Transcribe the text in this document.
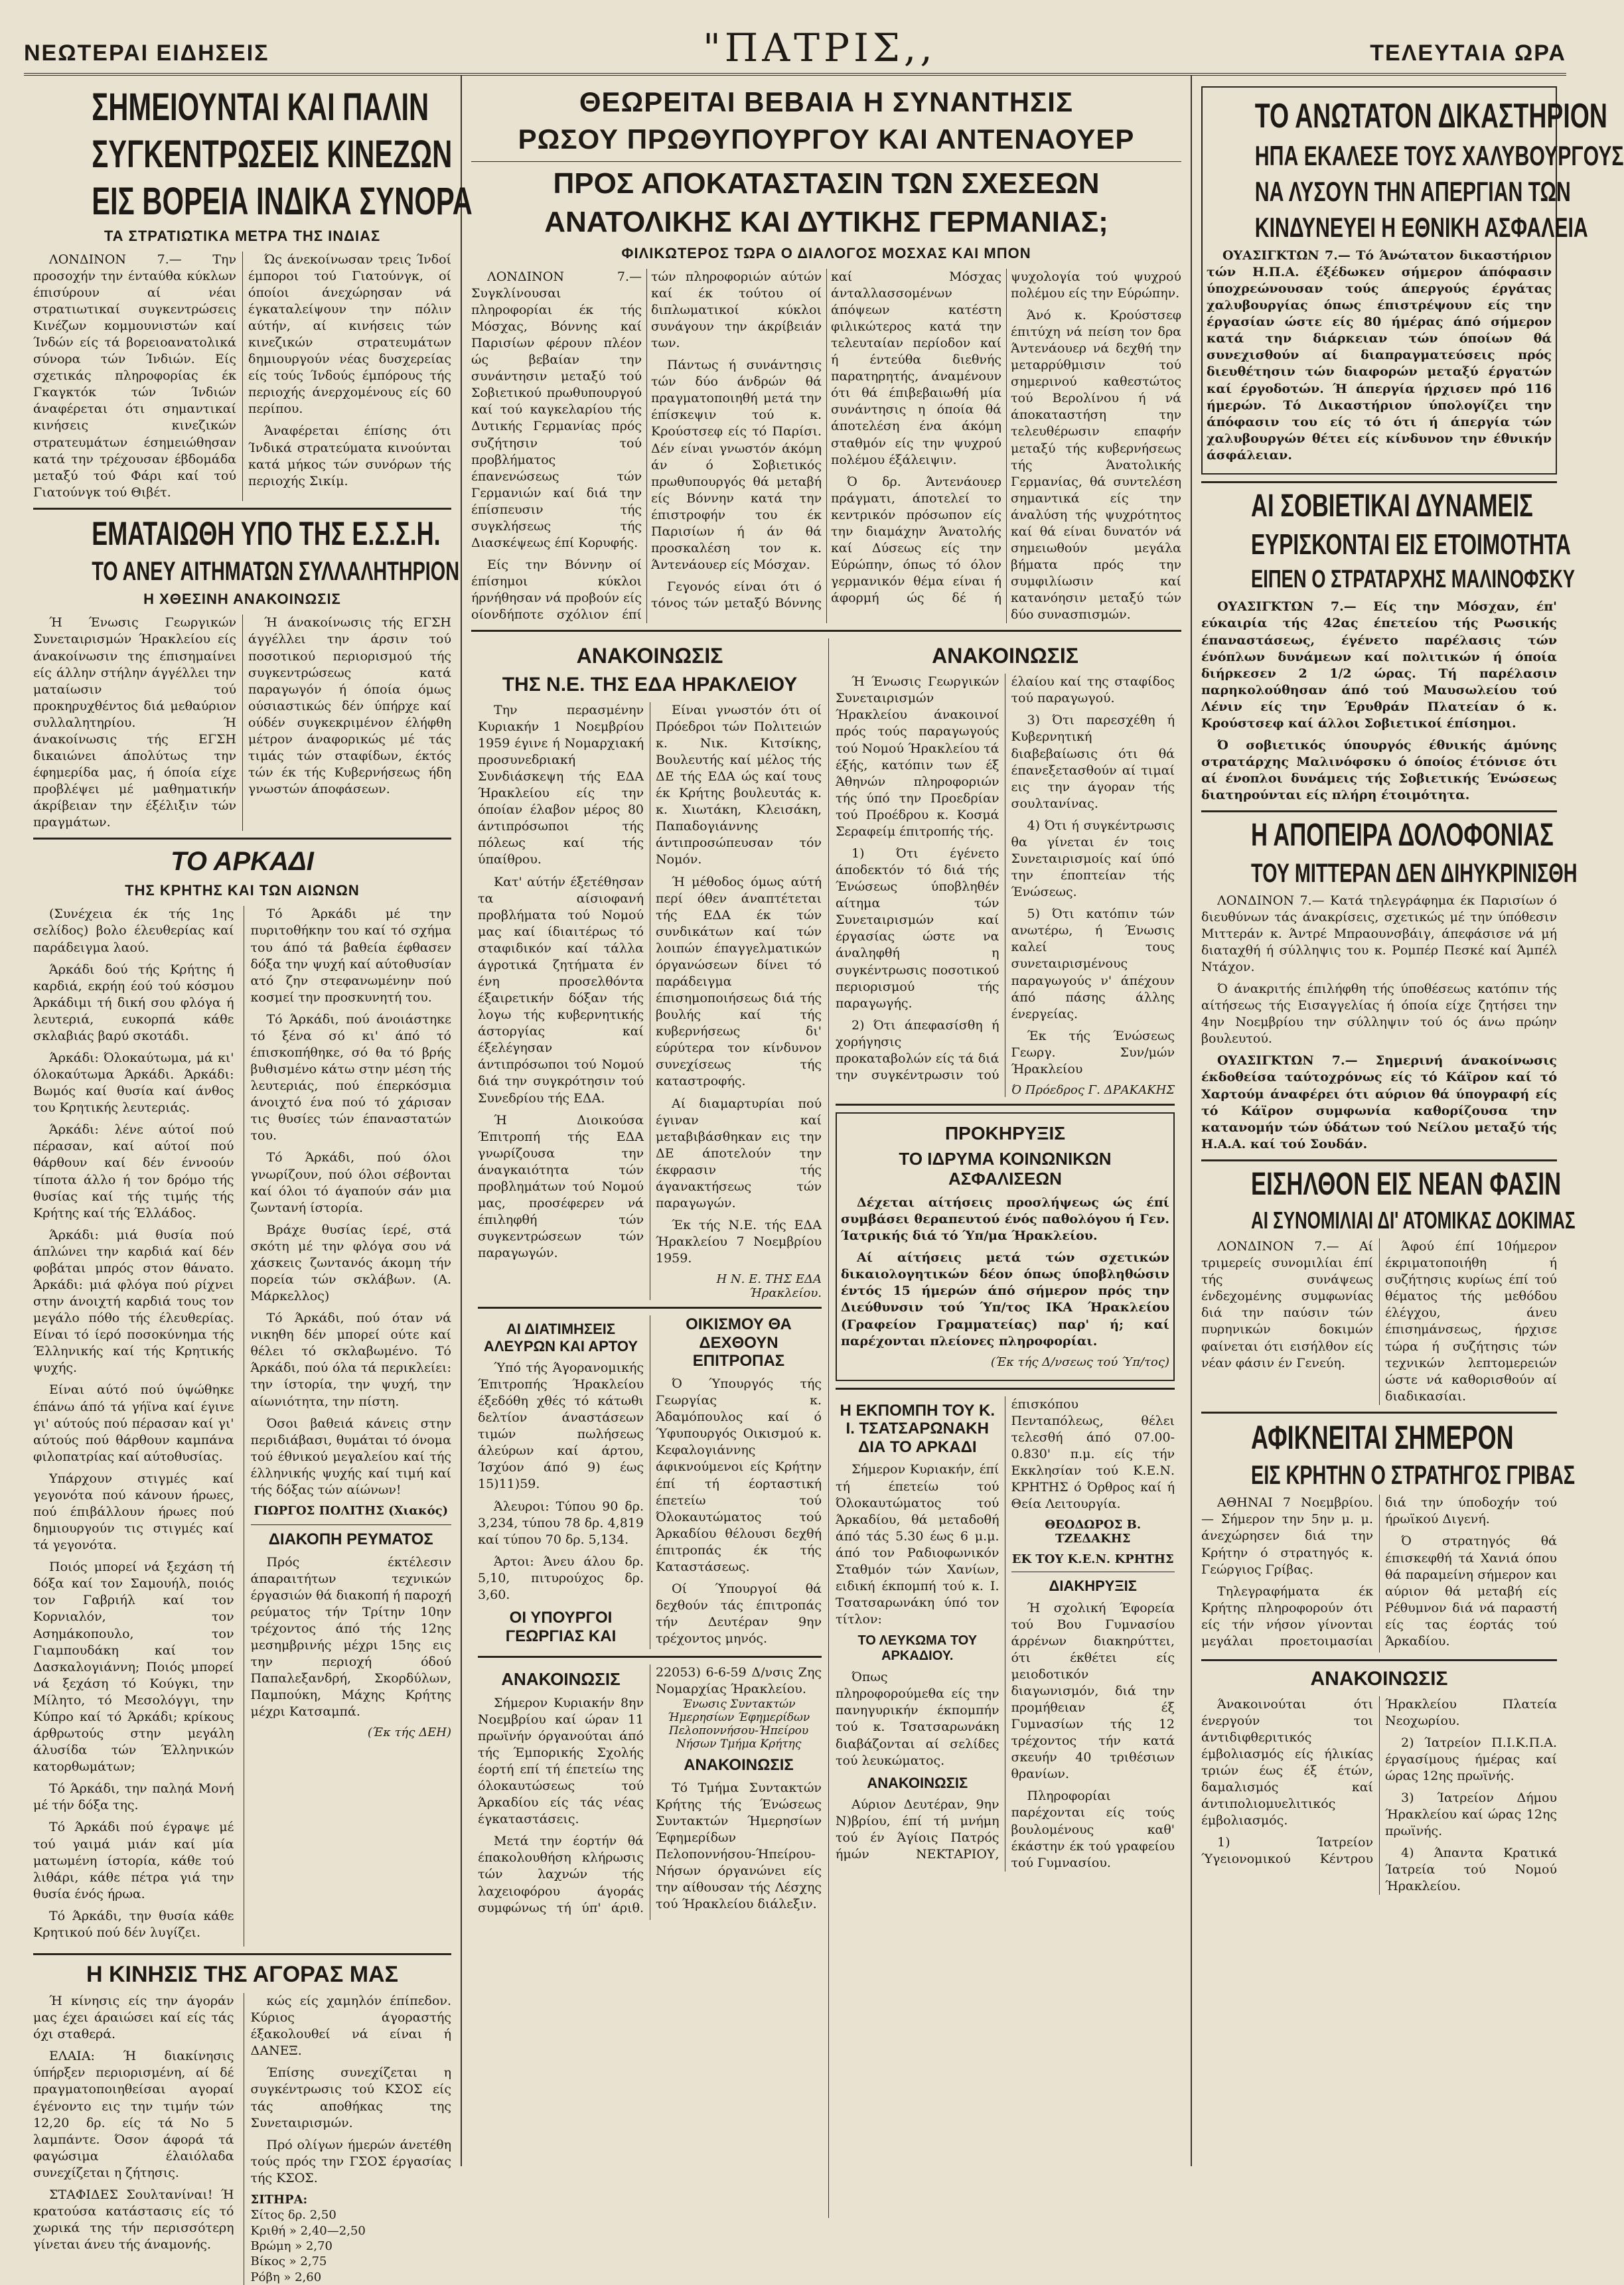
ΝΕΩΤΕΡΑΙ ΕΙΔΗΣΕΙΣ	"ΠΑΤΡΙΣ,,	ΤΕΛΕΥΤΑΙΑ ΩΡΑ
ΣΗΜΕΙΟΥΝΤΑΙ ΚΑΙ ΠΑΛΙΝ
ΣΥΓΚΕΝΤΡΩΣΕΙΣ ΚΙΝΕΖΩΝ
ΕΙΣ ΒΟΡΕΙΑ ΙΝΔΙΚΑ ΣΥΝΟΡΑ
ΤΑ ΣΤΡΑΤΙΩΤΙΚΑ ΜΕΤΡΑ ΤΗΣ ΙΝΔΙΑΣ

ΛΟΝΔΙΝΟΝ 7.— Την προσοχήν την ένταύθα κύκλων έπισύρουν αί νέαι στρατιωτικαί συγκεντρώσεις Κινέζων κομμουνιστών καί Ίνδών είς τά βορειοανατολικά σύνορα τών Ίνδιών. Είς σχετικάς πληροφορίας έκ Γκαγκτόκ τών Ίνδιών άναφέρεται ότι σημαντικαί κινήσεις κινεζικών στρατευμάτων έσημειώθησαν κατά την τρέχουσαν έβδομάδα μεταξύ τού Φάρι καί τού Γιατούνγκ τού Θιβέτ.

Ώς άνεκοίνωσαν τρεις Ίνδοί έμποροι τού Γιατούνγκ, οί όποίοι άνεχώρησαν νά έγκαταλείψουν την πόλιν αύτήν, αί κινήσεις τών κινεζικών στρατευμάτων δημιουργούν νέας δυσχερείας είς τούς Ίνδούς έμπόρους τής περιοχής άνερχομένους είς 60 περίπου.

Άναφέρεται έπίσης ότι Ίνδικά στρατεύματα κινούνται κατά μήκος τών συνόρων τής περιοχής Σικίμ.

ΕΜΑΤΑΙΩΘΗ ΥΠΟ ΤΗΣ Ε.Σ.Σ.Η.
ΤΟ ΑΝΕΥ ΑΙΤΗΜΑΤΩΝ ΣΥΛΛΑΛΗΤΗΡΙΟΝ
Η ΧΘΕΣΙΝΗ ΑΝΑΚΟΙΝΩΣΙΣ

Ή Ένωσις Γεωργικών Συνεταιρισμών Ήρακλείου είς άνακοίνωσιν της έπισημαίνει είς άλλην στήλην άγγέλλει την ματαίωσιν τού προκηρυχθέντος διά μεθαύριον συλλαλητηρίου. Ή άνακοίνωσις τής ΕΓΣΗ δικαιώνει άπολύτως την έφημερίδα μας, ή όποία είχε προβλέψει μέ μαθηματικήν άκρίβειαν την έξέλιξιν τών πραγμάτων.

Ή άνακοίνωσις τής ΕΓΣΗ άγγέλλει την άρσιν τού ποσοτικού περιορισμού τής συγκεντρώσεως κατά παραγωγόν ή όποία όμως ούσιαστικώς δέν ύπήρχε καί ούδέν συγκεκριμένον έλήφθη μέτρον άναφορικώς μέ τάς τιμάς τών σταφίδων, έκτός τών έκ τής Κυβερνήσεως ήδη γνωστών άποφάσεων.

ΤΟ ΑΡΚΑΔΙ
ΤΗΣ ΚΡΗΤΗΣ ΚΑΙ ΤΩΝ ΑΙΩΝΩΝ

(Συνέχεια έκ τής 1ης σελίδος) βολο έλευθερίας καί παράδειγμα λαού.

Άρκάδι δού τής Κρήτης ή καρδιά, εκρήη έού τού κόσμου Άρκάδιμι τή δική σου φλόγα ή λευτεριά, ευκορπά κάθε σκλαβιάς βαρύ σκοτάδι.

Άρκάδι: Όλοκαύτωμα, μά κι' όλοκαύτωμα Άρκάδι. Άρκάδι: Βωμός καί θυσία καί άνθος του Κρητικής λευτεριάς.

Άρκάδι: λένε αύτοί πού πέρασαν, καί αύτοί πού θάρθουν καί δέν έννοούν τίποτα άλλο ή τον δρόμο τής θυσίας καί τής τιμής τής Κρήτης καί τής Έλλάδος.

Άρκάδι: μιά θυσία πού άπλώνει την καρδιά καί δέν φοβάται μπρός στον θάνατο. Άρκάδι: μιά φλόγα πού ρίχνει στην άνοιχτή καρδιά τους τον μεγάλο πόθο τής έλευθερίας. Είναι τό ίερό ποσοκύνημα τής Έλληνικής καί τής Κρητικής ψυχής.

Είναι αύτό πού ύψώθηκε έπάνω άπό τά γήϊνα καί έγινε γι' αύτούς πού πέρασαν καί γι' αύτούς πού θάρθουν καμπάνα φιλοπατρίας καί αύτοθυσίας.

Υπάρχουν στιγμές καί γεγονότα πού κάνουν ήρωες, πού έπιβάλλουν ήρωες πού δημιουργούν τις στιγμές καί τά γεγονότα.

Ποιός μπορεί νά ξεχάση τή δόξα καί τον Σαμουήλ, ποιός τον Γαβριήλ καί τον Κορνιαλόν, τον Ασημάκοπουλο, τον Γιαμπουδάκη καί τον Δασκαλογιάννη; Ποιός μπορεί νά ξεχάση τό Κούγκι, την Μίλητο, τό Μεσολόγγι, την Κύπρο καί τό Άρκάδι; κρίκους άρθρωτούς στην μεγάλη άλυσίδα τών Έλληνικών κατορθωμάτων;

Τό Άρκάδι, την παληά Μονή μέ τήν δόξα της.

Τό Άρκάδι πού έγραψε μέ τού γαιμά μιάν καί μία ματωμένη ίστορία, κάθε τού λιθάρι, κάθε πέτρα γιά την θυσία ένός ήρωα.

Τό Άρκάδι, την θυσία κάθε Κρητικού πού δέν λυγίζει.

Τό Άρκάδι μέ την πυριτοθήκην του καί τό σχήμα του άπό τά βαθεία έφθασεν δόξα την ψυχή καί αύτοθυσίαν ατό ζην στεφανωμένην πού κοσμεί την προσκυνητή του.

Τό Άρκάδι, πού άνοιάστηκε τό ξένα σό κι' άπό τό έπισκοπήθηκε, σό θα τό βρής βυθισμένο κάτω στην μέση τής λευτεριάς, πού έπερκόσμια άνοιχτό ένα πού τό χάρισαν τις θυσίες τών έπαναστατών του.

Τό Άρκάδι, πού όλοι γνωρίζουν, πού όλοι σέβονται καί όλοι τό άγαπούν σάν μια ζωντανή ίστορία.

Βράχε θυσίας ίερέ, στά σκότη μέ την φλόγα σου νά χάσκεις ζωντανός άκομη τήν πορεία τών σκλάβων. (Α. Μάρκελλος)

Τό Άρκάδι, πού όταν νά νικηθη δέν μπορεί ούτε καί θέλει τό σκλαβωμένο. Τό Άρκάδι, πού όλα τά περικλείει: την ίστορία, την ψυχή, την αίωνιότητα, την πίστη.

Όσοι βαθειά κάνεις στην περιδιάβασι, θυμάται τό όνομα τού έθνικού μεγαλείου καί τής έλληνικής ψυχής καί τιμή καί τής δόξας τών αίώνων!

ΓΙΩΡΓΟΣ ΠΟΛΙΤΗΣ (Χιακός)
ΔΙΑΚΟΠΗ ΡΕΥΜΑΤΟΣ

Πρός έκτέλεσιν άπαραιτήτων τεχνικών έργασιών θά διακοπή ή παροχή ρεύματος τήν Τρίτην 10ην τρέχοντος άπό τής 12ης μεσημβρινής μέχρι 15ης εις την περιοχή όδού Παπαλεξανδρή, Σκορδύλων, Παμπούκη, Μάχης Κρήτης μέχρι Κατσαμπά.

(Έκ τής ΔΕΗ)
Η ΚΙΝΗΣΙΣ ΤΗΣ ΑΓΟΡΑΣ ΜΑΣ

Ή κίνησις είς την άγοράν μας έχει άραιώσει καί είς τάς όχι σταθερά.

ΕΛΑΙΑ: Ή διακίνησις ύπήρξεν περιορισμένη, αί δέ πραγματοποιηθείσαι αγοραί έγένοντο εις την τιμήν τών 12,20 δρ. είς τά Νο 5 λαμπάντε. Όσον άφορά τά φαγώσιμα έλαιόλαδα συνεχίζεται η ζήτησις.

ΣΤΑΦΙΔΕΣ Σουλτανίναι! Ή κρατούσα κατάστασις είς τό χωρικά της τήν περισσότερη γίνεται άνευ τής άναμονής.

κώς είς χαμηλόν έπίπεδον. Κύριος άγοραστής έξακολουθεί νά είναι ή ΔΑΝΕΞ.

Έπίσης συνεχίζεται η συγκέντρωσις τού ΚΣΟΣ είς τάς αποθήκας της Συνεταιρισμών.

Πρό ολίγων ήμερών άνετέθη τούς πρός την ΓΣΟΣ έργασίας τής ΚΣΟΣ.

ΣΙΤΗΡΑ:
Σίτος δρ. 2,50
Κριθή » 2,40—2,50
Βρώμη » 2,70
Βίκος » 2,75
Ρόβη » 2,60
ΘΕΩΡΕΙΤΑΙ ΒΕΒΑΙΑ Η ΣΥΝΑΝΤΗΣΙΣ
ΡΩΣΟΥ ΠΡΩΘΥΠΟΥΡΓΟΥ ΚΑΙ ΑΝΤΕΝΑΟΥΕΡ
ΠΡΟΣ ΑΠΟΚΑΤΑΣΤΑΣΙΝ ΤΩΝ ΣΧΕΣΕΩΝ
ΑΝΑΤΟΛΙΚΗΣ ΚΑΙ ΔΥΤΙΚΗΣ ΓΕΡΜΑΝΙΑΣ;
ΦΙΛΙΚΩΤΕΡΟΣ ΤΩΡΑ Ο ΔΙΑΛΟΓΟΣ ΜΟΣΧΑΣ ΚΑΙ ΜΠΟΝ

ΛΟΝΔΙΝΟΝ 7.— Συγκλίνουσαι πληροφορίαι έκ τής Μόσχας, Βόννης καί Παρισίων φέρουν πλέον ώς βεβαίαν την συνάντησιν μεταξύ τού Σοβιετικού πρωθυπουργού καί τού καγκελαρίου τής Δυτικής Γερμανίας πρός συζήτησιν τού προβλήματος έπανενώσεως τών Γερμανιών καί διά την έπίσπευσιν τής συγκλήσεως τής Διασκέψεως έπί Κορυφής.

Είς την Βόννην οί έπίσημοι κύκλοι ήρνήθησαν νά προβούν είς οίονδήποτε σχόλιον έπί τών πληροφοριών αύτών καί έκ τούτου οί διπλωματικοί κύκλοι συνάγουν την άκρίβειάν των.

Πάντως ή συνάντησις τών δύο άνδρών θά πραγματοποιηθή μετά την έπίσκεψιν τού κ. Κρούστσεφ είς τό Παρίσι. Δέν είναι γνωστόν άκόμη άν ό Σοβιετικός πρωθυπουργός θά μεταβή είς Βόννην κατά την έπιστροφήν του έκ Παρισίων ή άν θά προσκαλέση τον κ. Άντενάουερ είς Μόσχαν.

Γεγονός είναι ότι ό τόνος τών μεταξύ Βόννης καί Μόσχας άνταλλασσομένων άπόψεων κατέστη φιλικώτερος κατά την τελευταίαν περίοδον καί ή έντεύθα διεθνής παρατηρητής, άναμένουν ότι θά έπιβεβαιωθή μία συνάντησις η όποία θά άποτελέση ένα άκόμη σταθμόν είς την ψυχρού πολέμου έξάλειψιν.

Ό δρ. Άντενάουερ πράγματι, άποτελεί το κεντρικόν πρόσωπον είς την διαμάχην Άνατολής καί Δύσεως είς την Εύρώπην, όπως τό όλον γερμανικόν θέμα είναι ή άφορμή ώς δέ ή ψυχολογία τού ψυχρού πολέμου είς την Εύρώπην.

Άνό κ. Κρούστσεφ έπιτύχη νά πείση τον δρα Άντενάουερ νά δεχθή την μεταρρύθμισιν τού σημερινού καθεστώτος τού Βερολίνου ή νά άποκαταστήση την τελευθέρωσιν επαφήν μεταξύ τής κυβερνήσεως τής Άνατολικής Γερμανίας, θά συντελέση σημαντικά είς την άναλύση τής ψυχρότητος καί θά είναι δυνατόν νά σημειωθούν μεγάλα βήματα πρός την συμφιλίωσιν καί κατανόησιν μεταξύ τών δύο συνασπισμών.

ΑΝΑΚΟΙΝΩΣΙΣ
ΤΗΣ Ν.Ε. ΤΗΣ ΕΔΑ ΗΡΑΚΛΕΙΟΥ

Την περασμένην Κυριακήν 1 Νοεμβρίου 1959 έγινε ή Νομαρχιακή προσυνεδριακή Συνδιάσκεψη τής ΕΔΑ Ήρακλείου είς την όποίαν έλαβον μέρος 80 άντιπρόσωποι τής πόλεως καί τής ύπαίθρου.

Κατ' αύτήν έξετέθησαν τα αίσιοφανή προβλήματα τού Νομού μας καί ίδιαιτέρως τό σταφιδικόν καί τάλλα άγροτικά ζητήματα έν ένη προσελθόντα έξαιρετικήν δόξαν τής λογω τής κυβερνητικής άστοργίας καί έξελέγησαν άντιπρόσωποι τού Νομού διά την συγκρότησιν τού Συνεδρίου τής ΕΔΑ.

Ή Διοικούσα Έπιτροπή τής ΕΔΑ γνωρίζουσα την άναγκαιότητα τών προβλημάτων τού Νομού μας, προσέφερεν νά έπιληφθή τών συγκεντρώσεων τών παραγωγών.

Είναι γνωστόν ότι οί Πρόεδροι τών Πολιτειών κ. Νικ. Κιτσίκης, Βουλευτής καί μέλος τής ΔΕ τής ΕΔΑ ώς καί τους έκ Κρήτης βουλευτάς κ. κ. Χιωτάκη, Κλεισάκη, Παπαδογιάννης άντιπροσώπευσαν τόν Νομόν.

Ή μέθοδος όμως αύτή περί όθεν άναπτέτεται τής ΕΔΑ έκ τών συνδικάτων καί τών λοιπών έπαγγελματικών όργανώσεων δίνει τό παράδειγμα έπισημοποιήσεως διά τής βουλής καί τής κυβερνήσεως δι' εύρύτερα τον κίνδυνον συνεχίσεως τής καταστροφής.

Αί διαμαρτυρίαι πού έγιναν καί μεταβιβάσθηκαν εις την ΔΕ άποτελούν την έκφρασιν τής άγανακτήσεως τών παραγωγών.

Έκ τής Ν.Ε. τής ΕΔΑ Ήρακλείου 7 Νοεμβρίου 1959.

Η Ν. Ε. ΤΗΣ ΕΔΑ Ήρακλείου.
ΑΙ ΔΙΑΤΙΜΗΣΕΙΣ ΑΛΕΥΡΩΝ ΚΑΙ ΑΡΤΟΥ

Ύπό τής Άγορανομικής Έπιτροπής Ήρακλείου έξεδόθη χθές τό κάτωθι δελτίον άναστάσεων τιμών πωλήσεως άλεύρων καί άρτου, Ίσχύον άπό 9) έως 15)11)59.

Άλευροι: Τύπου 90 δρ. 3,234, τύπου 78 δρ. 4,819 καί τύπου 70 δρ. 5,134.

Άρτοι: Άνευ άλου δρ. 5,10, πιτυρούχος δρ. 3,60.

ΟΙ ΥΠΟΥΡΓΟΙ ΓΕΩΡΓΙΑΣ ΚΑΙ ΟΙΚΙΣΜΟΥ ΘΑ ΔΕΧΘΟΥΝ ΕΠΙΤΡΟΠΑΣ

Ό Ύπουργός τής Γεωργίας κ. Άδαμόπουλος καί ό Ύφυπουργός Οικισμού κ. Κεφαλογιάννης άφικνούμενοι είς Κρήτην έπί τή έορταστική έπετείω τού Όλοκαυτώματος τού Άρκαδίου θέλουσι δεχθή έπιτροπάς έκ τής Καταστάσεως.

Οί Ύπουργοί θά δεχθούν τάς έπιτροπάς τήν Δευτέραν 9ην τρέχοντος μηνός.

ΑΝΑΚΟΙΝΩΣΙΣ

Σήμερον Κυριακήν 8ην Νοεμβρίου καί ώραν 11 πρωϊνήν όργανούται άπό τής Έμπορικής Σχολής έορτή επί τή έπετείω της όλοκαυτώσεως τού Άρκαδίου είς τάς νέας έγκαταστάσεις.

Μετά την έορτήν θά έπακολουθήση κλήρωσις τών λαχνών τής λαχειοφόρου άγοράς συμφώνως τή ύπ' άριθ. 22053) 6-6-59 Δ/νσις Ζης Νομαρχίας Ήρακλείου.

Ένωσις Συντακτών Ήμερησίων Έφημερίδων Πελοποννήσου-Ήπείρου Νήσων Τμήμα Κρήτης
ΑΝΑΚΟΙΝΩΣΙΣ

Τό Τμήμα Συντακτών Κρήτης τής Ένώσεως Συντακτών Ήμερησίων Έφημερίδων Πελοποννήσου-Ήπείρου-Νήσων όργανώνει είς την αίθουσαν τής Λέσχης τού Ήρακλείου διάλεξιν.

ΑΝΑΚΟΙΝΩΣΙΣ

Ή Ένωσις Γεωργικών Συνεταιρισμών Ήρακλείου άνακοινοί πρός τούς παραγωγούς τού Νομού Ήρακλείου τά έξής, κατόπιν των έξ Άθηνών πληροφοριών τής ύπό την Προεδρίαν τού Προέδρου κ. Κοσμά Σεραφείμ έπιτροπής τής.

1) Ότι έγένετο άποδεκτόν τό διά τής Ένώσεως ύποβληθέν αίτημα τών Συνεταιρισμών καί έργασίας ώστε να άναληφθή η συγκέντρωσις ποσοτικού περιορισμού τής παραγωγής.

2) Ότι άπεφασίσθη ή χορήγησις προκαταβολών είς τά διά την συγκέντρωσιν τού έλαίου καί της σταφίδος τού παραγωγού.

3) Ότι παρεσχέθη ή Κυβερνητική διαβεβαίωσις ότι θά έπανεξετασθούν αί τιμαί εις την άγοραν τής σουλτανίνας.

4) Ότι ή συγκέντρωσις θα γίνεται έν τοις Συνεταιρισμοίς καί ύπό την έποπτείαν τής Ένώσεως.

5) Ότι κατόπιν τών ανωτέρω, ή Ένωσις καλεί τους συνεταιρισμένους παραγωγούς ν' άπέχουν άπό πάσης άλλης ένεργείας.

Έκ τής Ένώσεως Γεωργ. Συν/μών Ήρακλείου

Ό Πρόεδρος Γ. ΔΡΑΚΑΚΗΣ
ΠΡΟΚΗΡΥΞΙΣ
ΤΟ ΙΔΡΥΜΑ ΚΟΙΝΩΝΙΚΩΝ ΑΣΦΑΛΙΣΕΩΝ

Δέχεται αίτήσεις προσλήψεως ώς έπί συμβάσει θεραπευτού ένός παθολόγου ή Γεν. Ίατρικής διά τό Ύπ/μα Ήρακλείου.

Αί αίτήσεις μετά τών σχετικών δικαιολογητικών δέον όπως ύποβληθώσιν έντός 15 ήμερών άπό σήμερον πρός την Διεύθυνσιν τού Ύπ/τος ΙΚΑ Ήρακλείου (Γραφείον Γραμματείας) παρ' ή; καί παρέχονται πλείονες πληροφορίαι.

(Έκ τής Δ/νσεως τού Ύπ/τος)
Η ΕΚΠΟΜΠΗ ΤΟΥ Κ. Ι. ΤΣΑΤΣΑΡΩΝΑΚΗ ΔΙΑ ΤΟ ΑΡΚΑΔΙ

Σήμερον Κυριακήν, έπί τή έπετείω τού Όλοκαυτώματος τού Άρκαδίου, θά μεταδοθή άπό τάς 5.30 έως 6 μ.μ. άπό τον Ραδιοφωνικόν Σταθμόν τών Χανίων, ειδική έκπομπή τού κ. Ι. Τσατσαρωνάκη ύπό τον τίτλον:

ΤΟ ΛΕΥΚΩΜΑ ΤΟΥ ΑΡΚΑΔΙΟΥ.

Όπως πληροφορούμεθα είς την πανηγυρικήν έκπομπήν τού κ. Τσατσαρωνάκη διαβάζονται αί σελίδες τού λευκώματος.

ΑΝΑΚΟΙΝΩΣΙΣ

Αύριον Δευτέραν, 9ην Ν)βρίου, έπί τή μνήμη τού έν Άγίοις Πατρός ήμών ΝΕΚΤΑΡΙΟΥ, έπισκόπου Πενταπόλεως, θέλει τελεσθή άπό 07.00-0.830' π.μ. είς τήν Εκκλησίαν τού Κ.Ε.Ν. ΚΡΗΤΗΣ ό Όρθρος καί ή Θεία Λειτουργία.

ΘΕΟΔΩΡΟΣ Β. ΤΖΕΔΑΚΗΣ
ΕΚ ΤΟΥ Κ.Ε.Ν. ΚΡΗΤΗΣ
ΔΙΑΚΗΡΥΞΙΣ

Ή σχολική Έφορεία τού Βου Γυμνασίου άρρένων διακηρύττει, ότι έκθέτει είς μειοδοτικόν διαγωνισμόν, διά την προμήθειαν έξ Γυμνασίων τής 12 τρέχοντος τήν κατά σκευήν 40 τριθέσιων θρανίων.

Πληροφορίαι παρέχονται είς τούς βουλομένους καθ' έκάστην έκ τού γραφείου τού Γυμνασίου.

ΤΟ ΑΝΩΤΑΤΟΝ ΔΙΚΑΣΤΗΡΙΟΝ
ΗΠΑ ΕΚΑΛΕΣΕ ΤΟΥΣ ΧΑΛΥΒΟΥΡΓΟΥΣ
ΝΑ ΛΥΣΟΥΝ ΤΗΝ ΑΠΕΡΓΙΑΝ ΤΩΝ
ΚΙΝΔΥΝΕΥΕΙ Η ΕΘΝΙΚΗ ΑΣΦΑΛΕΙΑ

ΟΥΑΣΙΓΚΤΩΝ 7.— Τό Άνώτατον δικαστήριον τών Η.Π.Α. έξέδωκεν σήμερον άπόφασιν ύποχρεώνουσαν τούς άπεργούς έργάτας χαλυβουργίας όπως έπιστρέψουν είς την έργασίαν ώστε είς 80 ήμέρας άπό σήμερον κατά την διάρκειαν τών όποίων θά συνεχισθούν αί διαπραγματεύσεις πρός διευθέτησιν τών διαφορών μεταξύ έργατών καί έργοδοτών. Ή άπεργία ήρχισεν πρό 116 ήμερών. Τό Δικαστήριον ύπολογίζει την άπόφασιν του είς τό ότι ή άπεργία τών χαλυβουργών θέτει είς κίνδυνον την έθνικήν άσφάλειαν.

ΑΙ ΣΟΒΙΕΤΙΚΑΙ ΔΥΝΑΜΕΙΣ
ΕΥΡΙΣΚΟΝΤΑΙ ΕΙΣ ΕΤΟΙΜΟΤΗΤΑ
ΕΙΠΕΝ Ο ΣΤΡΑΤΑΡΧΗΣ ΜΑΛΙΝΟΦΣΚΥ

ΟΥΑΣΙΓΚΤΩΝ 7.— Είς την Μόσχαν, έπ' εύκαιρία τής 42ας έπετείου τής Ρωσικής έπαναστάσεως, έγένετο παρέλασις τών ένόπλων δυνάμεων καί πολιτικών ή όποία διήρκεσεν 2 1/2 ώρας. Τή παρέλασιν παρηκολούθησαν άπό τού Μαυσωλείου τού Λένιν είς την Έρυθράν Πλατείαν ό κ. Κρούστσεφ καί άλλοι Σοβιετικοί έπίσημοι.

Ό σοβιετικός ύπουργός έθνικής άμύνης στρατάρχης Μαλινόφσκυ ό όποίος έτόνισε ότι αί ένοπλοι δυνάμεις τής Σοβιετικής Ένώσεως διατηρούνται είς πλήρη έτοιμότητα.

Η ΑΠΟΠΕΙΡΑ ΔΟΛΟΦΟΝΙΑΣ
ΤΟΥ ΜΙΤΤΕΡΑΝ ΔΕΝ ΔΙΗΥΚΡΙΝΙΣΘΗ

ΛΟΝΔΙΝΟΝ 7.— Κατά τηλεγράφημα έκ Παρισίων ό διευθύνων τάς άνακρίσεις, σχετικώς μέ την ύπόθεσιν Μιττεράν κ. Άντρέ Μπραουνσβάιγ, άπεφάσισε νά μή διαταχθή ή σύλληψις του κ. Ρομπέρ Πεσκέ καί Άμπέλ Ντάχον.

Ό άνακριτής έπιλήφθη τής ύποθέσεως κατόπιν τής αίτήσεως τής Εισαγγελίας ή όποία είχε ζητήσει την 4ην Νοεμβρίου την σύλληψιν τού ός άνω πρώην βουλευτού.

ΟΥΑΣΙΓΚΤΩΝ 7.— Σημερινή άνακοίνωσις έκδοθείσα ταύτοχρόνως είς τό Κάϊρον καί τό Χαρτούμ άναφέρει ότι αύριον θά ύπογραφή είς τό Κάϊρον συμφωνία καθορίζουσα την κατανομήν τών ύδάτων τού Νείλου μεταξύ τής Η.Α.Α. καί τού Σουδάν.

ΕΙΣΗΛΘΟΝ ΕΙΣ ΝΕΑΝ ΦΑΣΙΝ
ΑΙ ΣΥΝΟΜΙΛΙΑΙ ΔΙ' ΑΤΟΜΙΚΑΣ ΔΟΚΙΜΑΣ

ΛΟΝΔΙΝΟΝ 7.— Αί τριμερείς συνομιλίαι έπί τής συνάψεως ένδεχομένης συμφωνίας διά την παύσιν τών πυρηνικών δοκιμών φαίνεται ότι εισήλθον είς νέαν φάσιν έν Γενεύη.

Άφού έπί 10ήμερον έκριματοποιήθη ή συζήτησις κυρίως έπί τού θέματος τής μεθόδου έλέγχου, άνευ έπισημάνσεως, ήρχισε τώρα ή συζήτησις τών τεχνικών λεπτομερειών ώστε νά καθορισθούν αί διαδικασίαι.

ΑΦΙΚΝΕΙΤΑΙ ΣΗΜΕΡΟΝ
ΕΙΣ ΚΡΗΤΗΝ Ο ΣΤΡΑΤΗΓΟΣ ΓΡΙΒΑΣ

ΑΘΗΝΑΙ 7 Νοεμβρίου.— Σήμερον την 5ην μ. μ. άνεχώρησεν διά την Κρήτην ό στρατηγός κ. Γεώργιος Γρίβας.

Τηλεγραφήματα έκ Κρήτης πληροφορούν ότι είς τήν νήσον γίνονται μεγάλαι προετοιμασίαι διά την ύποδοχήν τού ήρωϊκού Διγενή.

Ό στρατηγός θά έπισκεφθή τά Χανιά όπου θά παραμείνη σήμερον και αύριον θά μεταβή είς Ρέθυμνον διά νά παραστή είς τας έορτάς τού Άρκαδίου.

ΑΝΑΚΟΙΝΩΣΙΣ

Άνακοινούται ότι ένεργούν τοι άντιδιφθεριτικός έμβολιασμός είς ήλικίας τριών έως έξ έτών, δαμαλισμός καί άντιπολιομυελιτικός έμβολιασμός.

1) Ίατρείον Ύγειονομικού Κέντρου Ήρακλείου Πλατεία Νεοχωρίου.

2) Ίατρείον Π.Ι.Κ.Π.Α. έργασίμους ήμέρας καί ώρας 12ης πρωϊνής.

3) Ίατρείον Δήμου Ήρακλείου καί ώρας 12ης πρωϊνής.

4) Άπαντα Κρατικά Ίατρεία τού Νομού Ήρακλείου.
